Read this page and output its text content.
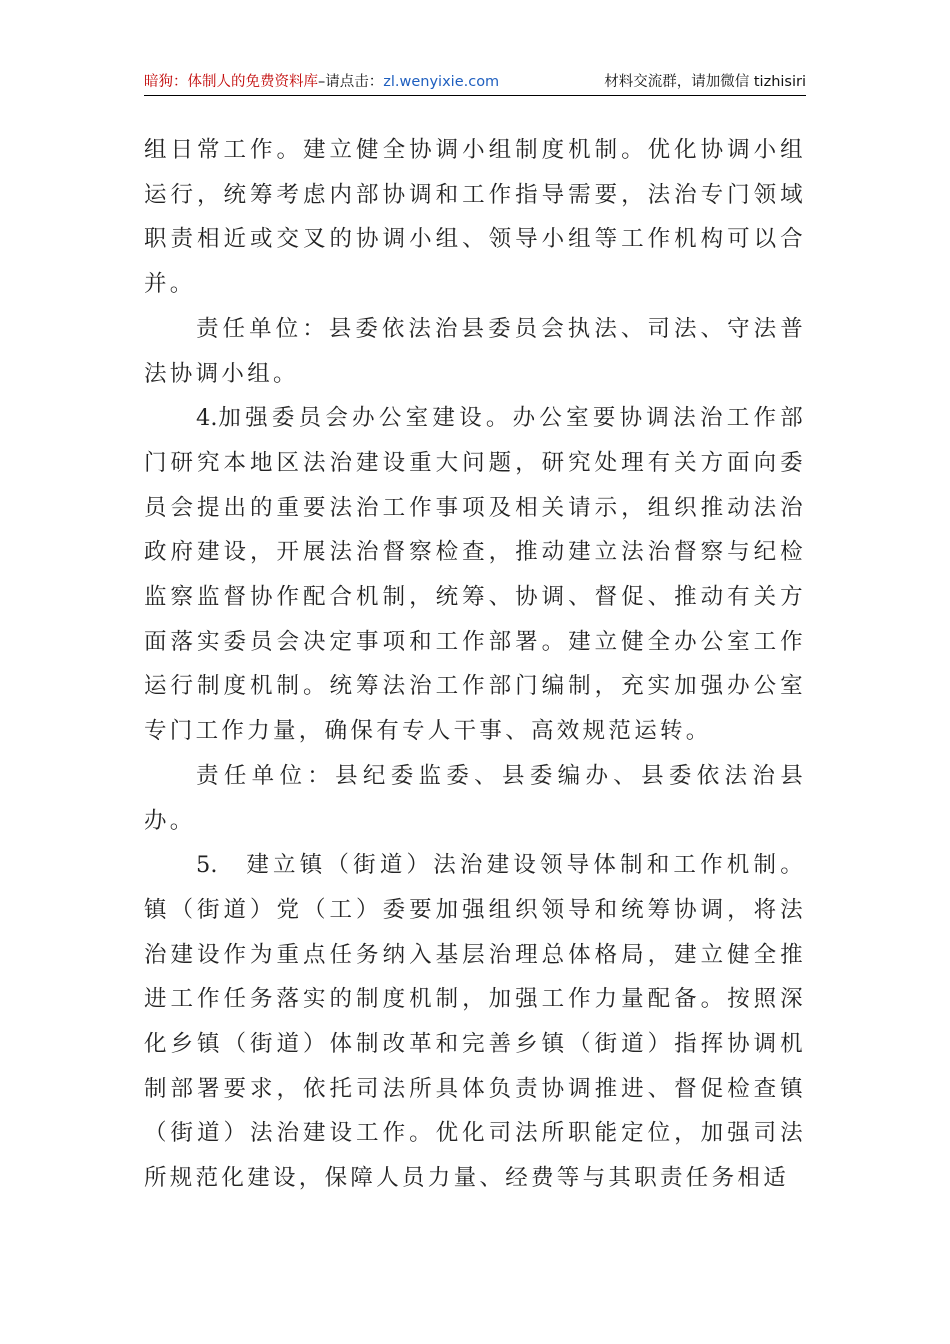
暗狗：体制人的免费资料库–请点击：zl.wenyixie.com	材料交流群，请加微信 tizhisiri

组日常工作。建立健全协调小组制度机制。优化协调小组运行，统筹考虑内部协调和工作指导需要，法治专门领域职责相近或交叉的协调小组、领导小组等工作机构可以合并。

责任单位：县委依法治县委员会执法、司法、守法普法协调小组。

4.加强委员会办公室建设。办公室要协调法治工作部门研究本地区法治建设重大问题，研究处理有关方面向委员会提出的重要法治工作事项及相关请示，组织推动法治政府建设，开展法治督察检查，推动建立法治督察与纪检监察监督协作配合机制，统筹、协调、督促、推动有关方面落实委员会决定事项和工作部署。建立健全办公室工作运行制度机制。统筹法治工作部门编制，充实加强办公室专门工作力量，确保有专人干事、高效规范运转。

责任单位：县纪委监委、县委编办、县委依法治县办。

5. 建立镇（街道）法治建设领导体制和工作机制。镇（街道）党（工）委要加强组织领导和统筹协调，将法治建设作为重点任务纳入基层治理总体格局，建立健全推进工作任务落实的制度机制，加强工作力量配备。按照深化乡镇（街道）体制改革和完善乡镇（街道）指挥协调机制部署要求，依托司法所具体负责协调推进、督促检查镇（街道）法治建设工作。优化司法所职能定位，加强司法所规范化建设，保障人员力量、经费等与其职责任务相适
